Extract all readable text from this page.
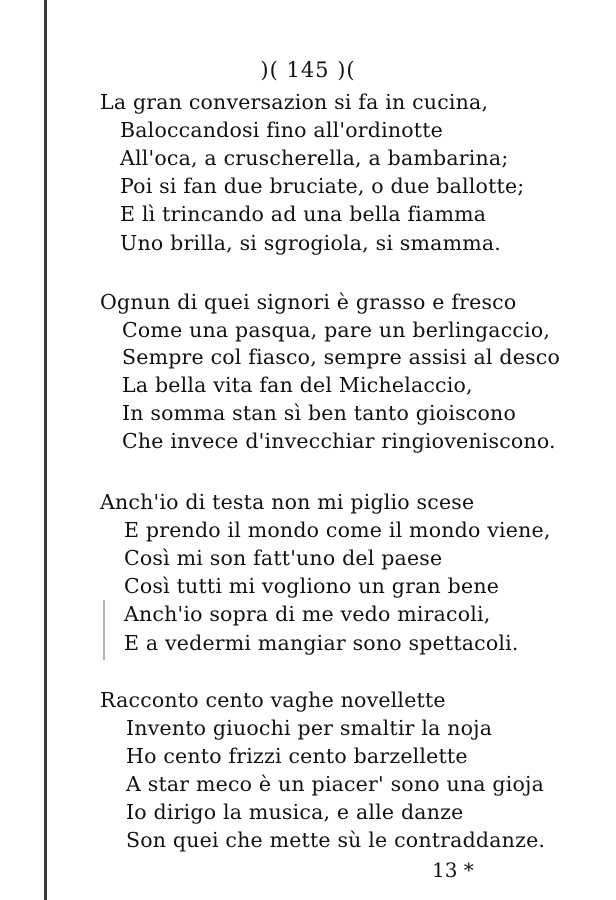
)( 145 )(
La gran conversazion si fa in cucina,
Baloccandosi fino all'ordinotte
All'oca, a cruscherella, a bambarina;
Poi si fan due bruciate, o due ballotte;
E lì trincando ad una bella fiamma
Uno brilla, si sgrogiola, si smamma.
Ognun di quei signori è grasso e fresco
Come una pasqua, pare un berlingaccio,
Sempre col fiasco, sempre assisi al desco
La bella vita fan del Michelaccio,
In somma stan sì ben tanto gioiscono
Che invece d'invecchiar ringioveniscono.
Anch'io di testa non mi piglio scese
E prendo il mondo come il mondo viene,
Così mi son fatt'uno del paese
Così tutti mi vogliono un gran bene
Anch'io sopra di me vedo miracoli,
E a vedermi mangiar sono spettacoli.
Racconto cento vaghe novellette
Invento giuochi per smaltir la noja
Ho cento frizzi cento barzellette
A star meco è un piacer' sono una gioja
Io dirigo la musica, e alle danze
Son quei che mette sù le contraddanze.
13 *
